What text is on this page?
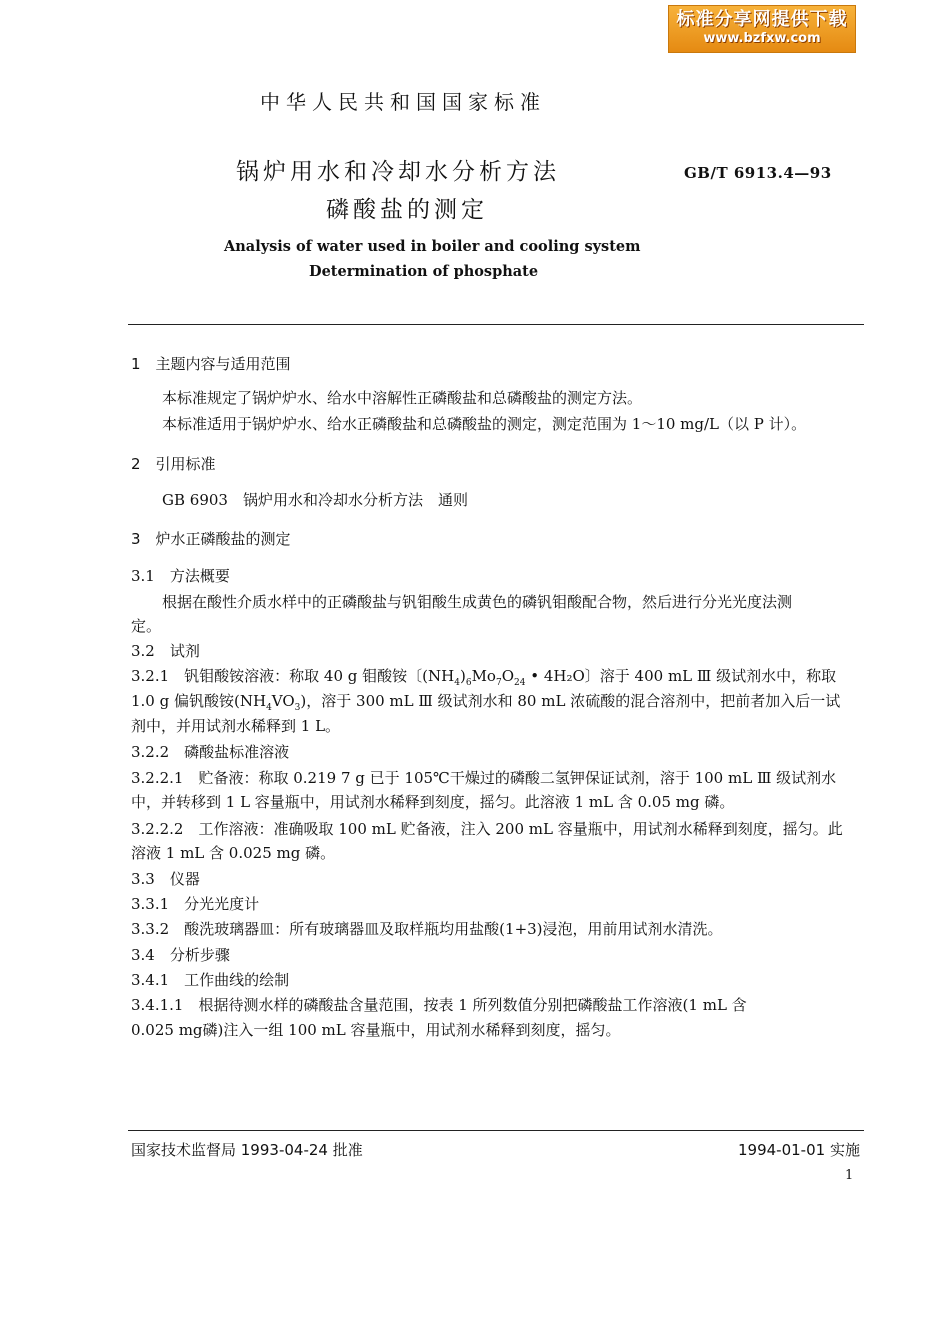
标准分享网提供下载
www.bzfxw.com
中华人民共和国国家标准
锅炉用水和冷却水分析方法
磷酸盐的测定
GB/T 6913.4—93
Analysis of water used in boiler and cooling system
Determination of phosphate
1　主题内容与适用范围
本标准规定了锅炉炉水、给水中溶解性正磷酸盐和总磷酸盐的测定方法。
本标准适用于锅炉炉水、给水正磷酸盐和总磷酸盐的测定，测定范围为 1～10 mg/L（以 P 计）。
2　引用标准
GB 6903　锅炉用水和冷却水分析方法　通则
3　炉水正磷酸盐的测定
3.1　方法概要
根据在酸性介质水样中的正磷酸盐与钒钼酸生成黄色的磷钒钼酸配合物，然后进行分光光度法测
定。
3.2　试剂
3.2.1　钒钼酸铵溶液：称取 40 g 钼酸铵〔$(NH_4)_6Mo_7O_{24}$ • 4H₂O〕溶于 400 mL Ⅲ 级试剂水中，称取
1.0 g 偏钒酸铵$(NH_4VO_3)$，溶于 300 mL Ⅲ 级试剂水和 80 mL 浓硫酸的混合溶剂中，把前者加入后一试
剂中，并用试剂水稀释到 1 L。
3.2.2　磷酸盐标准溶液
3.2.2.1　贮备液：称取 0.219 7 g 已于 105℃干燥过的磷酸二氢钾保证试剂，溶于 100 mL Ⅲ 级试剂水
中，并转移到 1 L 容量瓶中，用试剂水稀释到刻度，摇匀。此溶液 1 mL 含 0.05 mg 磷。
3.2.2.2　工作溶液：准确吸取 100 mL 贮备液，注入 200 mL 容量瓶中，用试剂水稀释到刻度，摇匀。此
溶液 1 mL 含 0.025 mg 磷。
3.3　仪器
3.3.1　分光光度计
3.3.2　酸洗玻璃器皿：所有玻璃器皿及取样瓶均用盐酸(1+3)浸泡，用前用试剂水清洗。
3.4　分析步骤
3.4.1　工作曲线的绘制
3.4.1.1　根据待测水样的磷酸盐含量范围，按表 1 所列数值分别把磷酸盐工作溶液(1 mL 含
0.025 mg磷)注入一组 100 mL 容量瓶中，用试剂水稀释到刻度，摇匀。
国家技术监督局 1993-04-24 批准	1994-01-01 实施
1
